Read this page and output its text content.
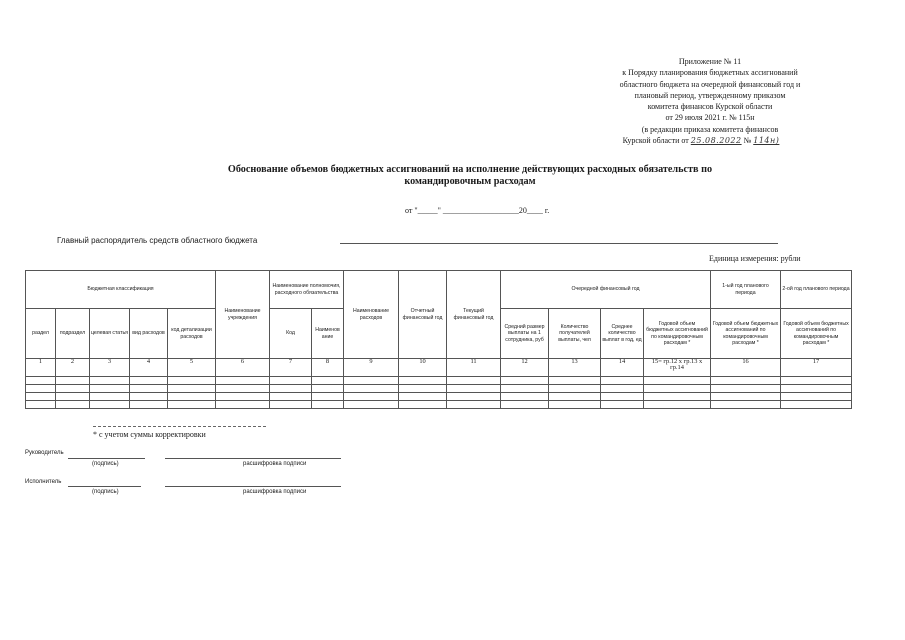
Приложение № 11
к Порядку планирования бюджетных ассигнований
областного бюджета на очередной финансовый год и
плановый период, утвержденному приказом
комитета финансов Курской области
от 29 июля 2021 г. № 115н
(в редакции приказа комитета финансов
Курской области от 25.08.2022 № 114н)
Обоснование объемов бюджетных ассигнований на исполнение действующих расходных обязательств по
командировочным расходам
от "_____" ___________________20____ г.
Главный распорядитель средств областного бюджета
Единица измерения: рубли
Бюджетная классификация					Наименование учреждения	Наименование полномочия, расходного обязательства		Наименование расходов	Отчетный финансовый год	Текущий финансовый год	Очередной финансовый год				1-ый год планового периода	2-ой год планового периода
раздел	подраздел	целевая статья	вид расходов	код детализации расходов		Код	Наименов ание				Средний размер выплаты на 1 сотрудника, руб	Количество получателей выплаты, чел	Среднее количество выплат в год, ед	Годовой объем бюджетных ассигнований по командировочным расходам *	Годовой объем бюджетных ассигнований по командировочным расходам *	Годовой объем бюджетных ассигнований по командировочным расходам *
1	2	3	4	5	6	7	8	9	10	11	12	13	14	15= гр.12 х гр.13 х гр.14	16	17

* с учетом суммы корректировки
Руководитель
(подпись)	расшифровка подписи
Исполнитель
(подпись)	расшифровка подписи
